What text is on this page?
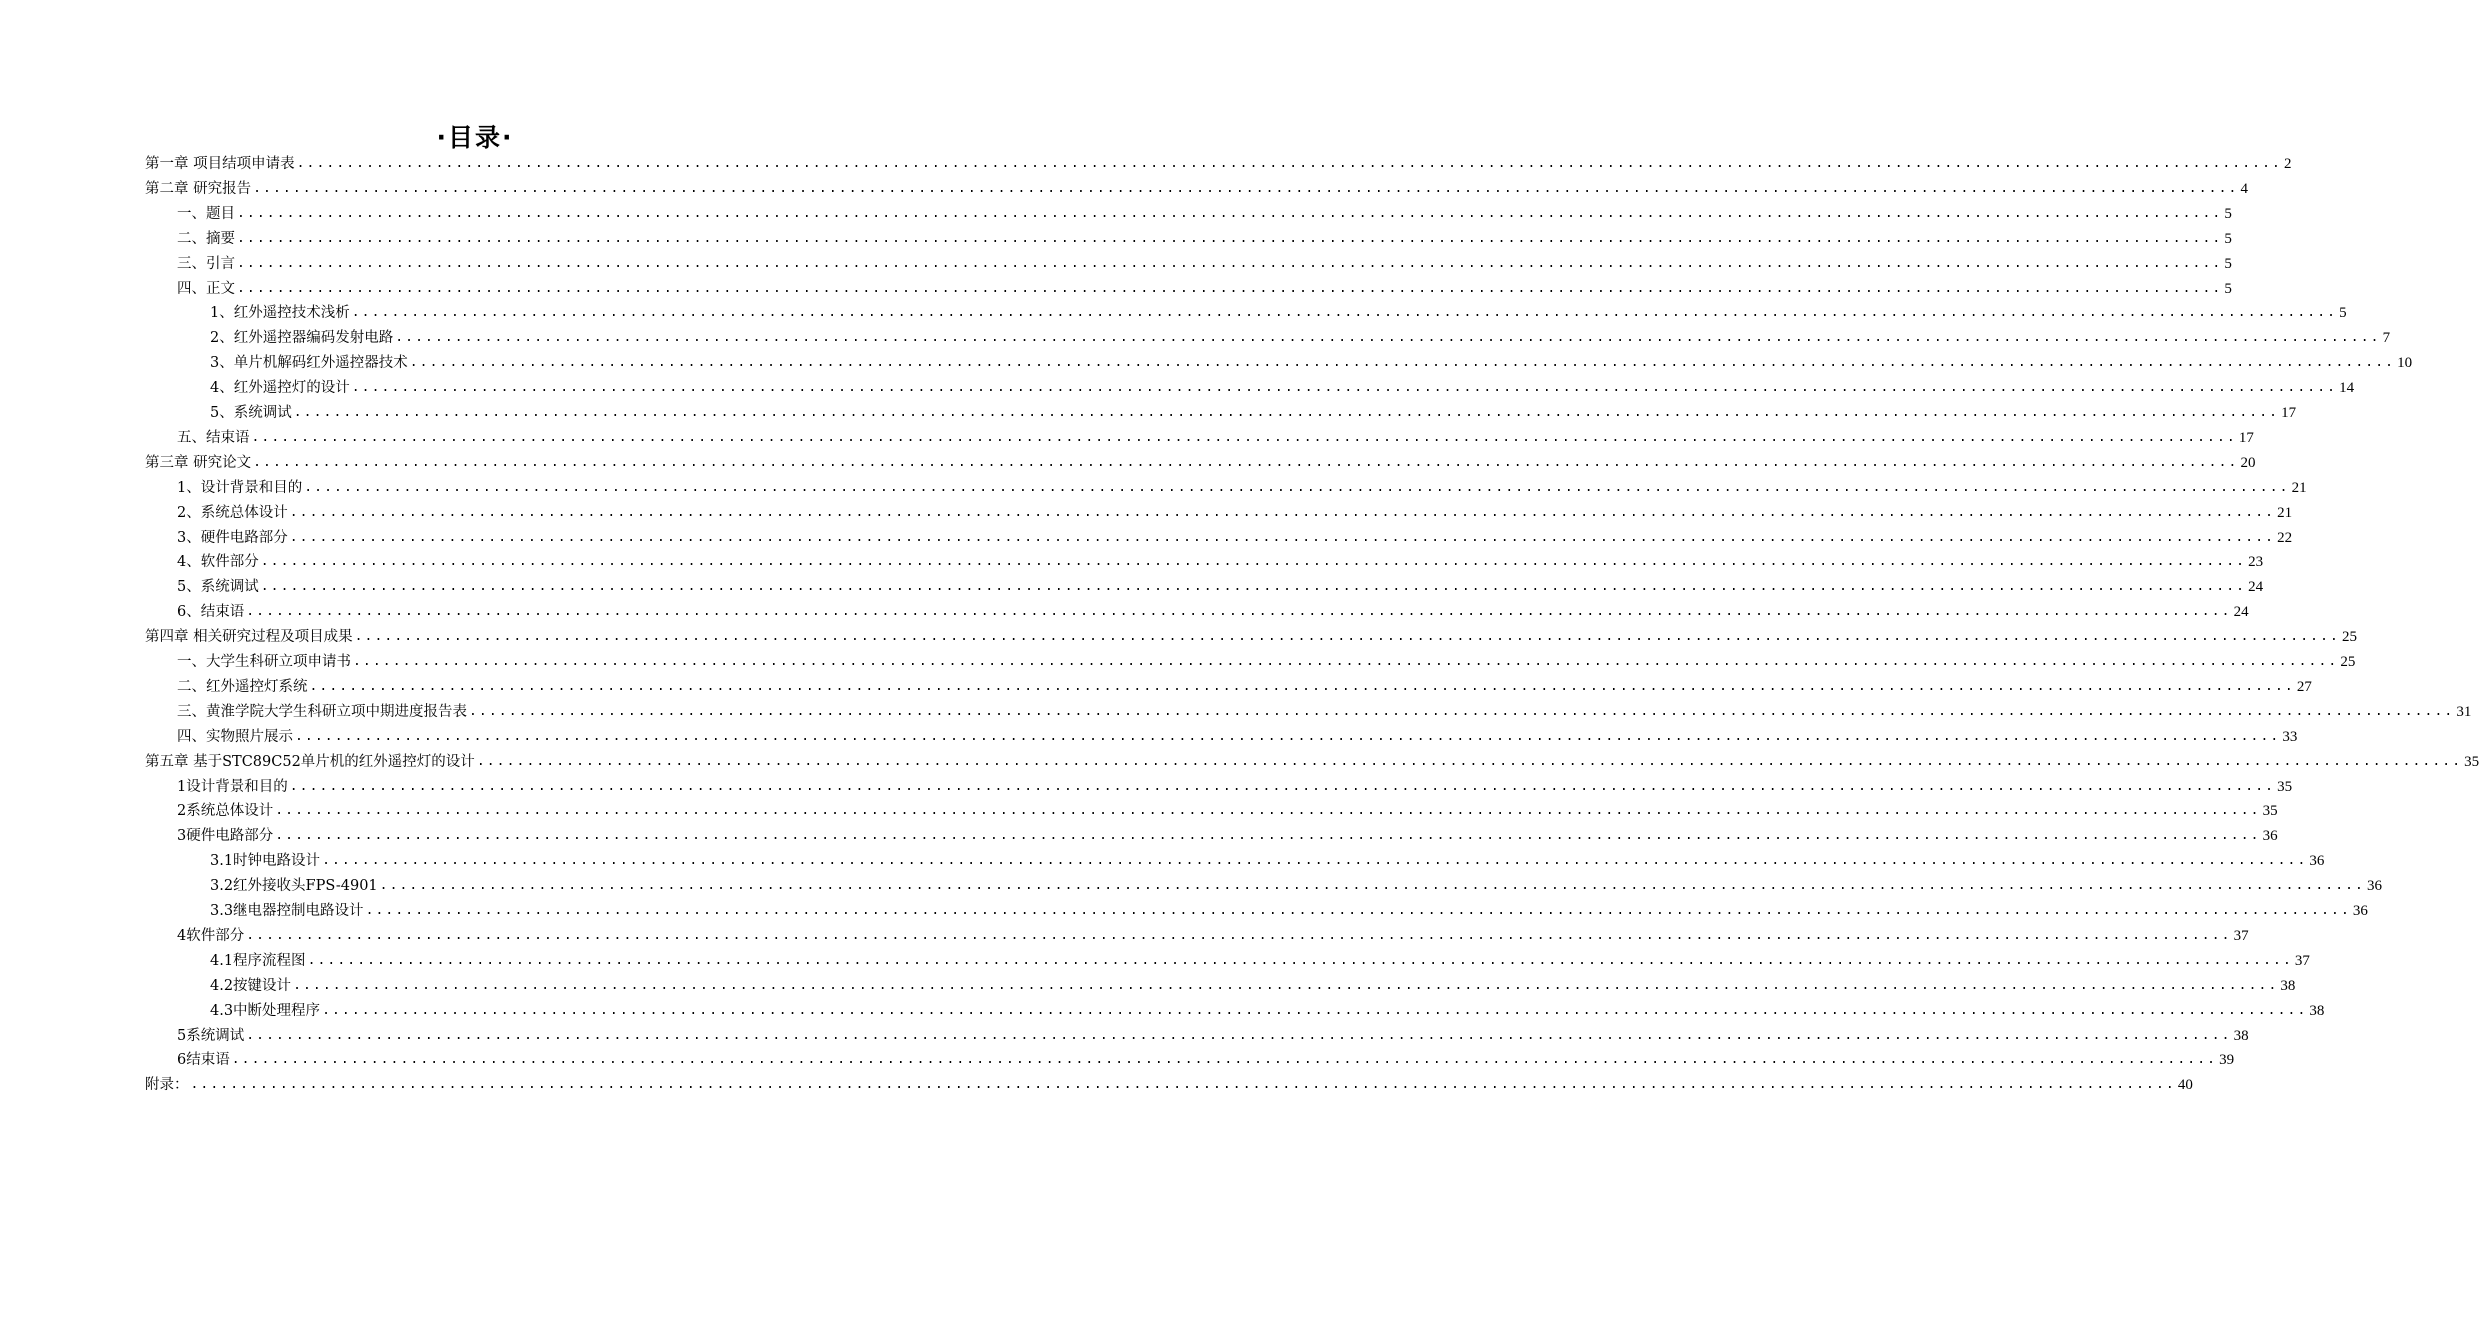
·目录·
第一章 项目结项申请表 ........................................................................................................................................................................................................ 2
第二章 研究报告 ........................................................................................................................................................................................................ 4
一、题目 ........................................................................................................................................................................................................ 5
二、摘要 ........................................................................................................................................................................................................ 5
三、引言 ........................................................................................................................................................................................................ 5
四、正文 ........................................................................................................................................................................................................ 5
1、红外遥控技术浅析 ........................................................................................................................................................................................................ 5
2、红外遥控器编码发射电路 ........................................................................................................................................................................................................ 7
3、单片机解码红外遥控器技术 ........................................................................................................................................................................................................ 10
4、红外遥控灯的设计 ........................................................................................................................................................................................................ 14
5、系统调试 ........................................................................................................................................................................................................ 17
五、结束语 ........................................................................................................................................................................................................ 17
第三章 研究论文 ........................................................................................................................................................................................................ 20
1、设计背景和目的 ........................................................................................................................................................................................................ 21
2、系统总体设计 ........................................................................................................................................................................................................ 21
3、硬件电路部分 ........................................................................................................................................................................................................ 22
4、软件部分 ........................................................................................................................................................................................................ 23
5、系统调试 ........................................................................................................................................................................................................ 24
6、结束语 ........................................................................................................................................................................................................ 24
第四章 相关研究过程及项目成果 ........................................................................................................................................................................................................ 25
一、大学生科研立项申请书 ........................................................................................................................................................................................................ 25
二、红外遥控灯系统 ........................................................................................................................................................................................................ 27
三、黄淮学院大学生科研立项中期进度报告表 ........................................................................................................................................................................................................ 31
四、实物照片展示 ........................................................................................................................................................................................................ 33
第五章 基于STC89C52单片机的红外遥控灯的设计 ........................................................................................................................................................................................................ 35
1设计背景和目的 ........................................................................................................................................................................................................ 35
2系统总体设计 ........................................................................................................................................................................................................ 35
3硬件电路部分 ........................................................................................................................................................................................................ 36
3.1时钟电路设计 ........................................................................................................................................................................................................ 36
3.2红外接收头FPS-4901 ........................................................................................................................................................................................................ 36
3.3继电器控制电路设计 ........................................................................................................................................................................................................ 36
4软件部分 ........................................................................................................................................................................................................ 37
4.1程序流程图 ........................................................................................................................................................................................................ 37
4.2按键设计 ........................................................................................................................................................................................................ 38
4.3中断处理程序 ........................................................................................................................................................................................................ 38
5系统调试 ........................................................................................................................................................................................................ 38
6结束语 ........................................................................................................................................................................................................ 39
附录： ........................................................................................................................................................................................................ 40
